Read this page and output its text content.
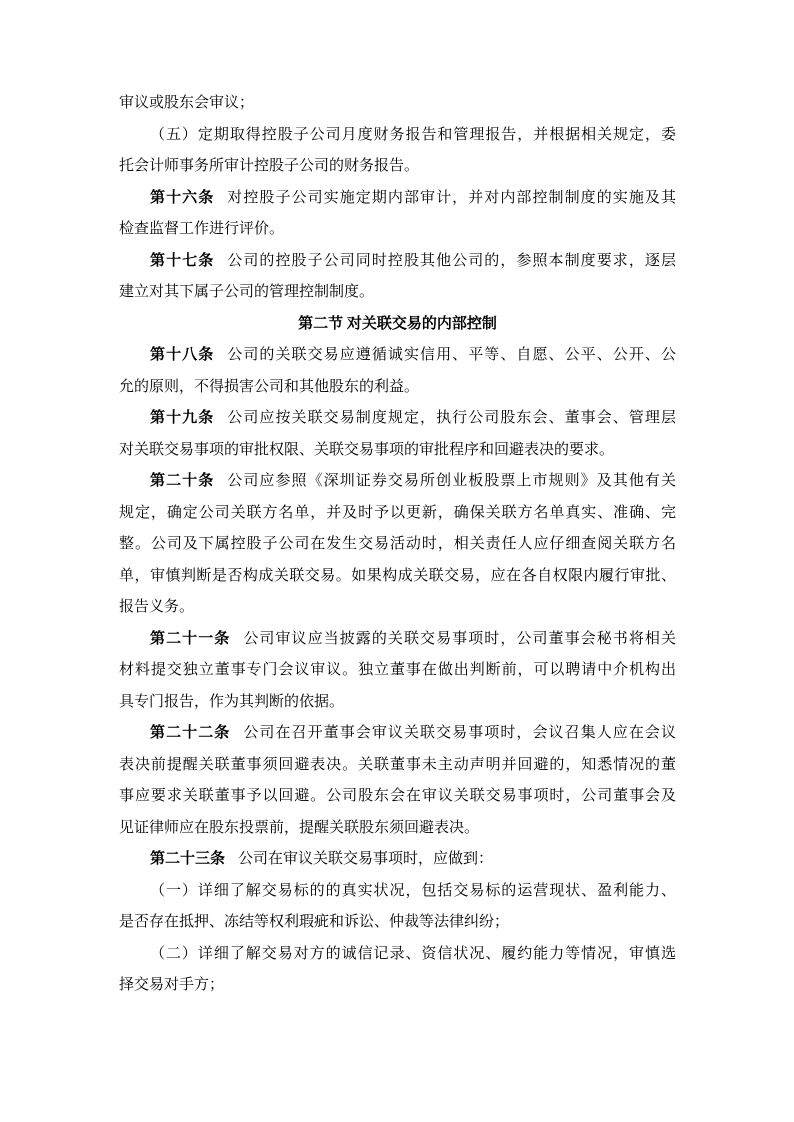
审议或股东会审议；
（五）定期取得控股子公司月度财务报告和管理报告，并根据相关规定，委
托会计师事务所审计控股子公司的财务报告。
第十六条 对控股子公司实施定期内部审计，并对内部控制制度的实施及其
检查监督工作进行评价。
第十七条 公司的控股子公司同时控股其他公司的，参照本制度要求，逐层
建立对其下属子公司的管理控制制度。
第二节 对关联交易的内部控制
第十八条 公司的关联交易应遵循诚实信用、平等、自愿、公平、公开、公
允的原则，不得损害公司和其他股东的利益。
第十九条 公司应按关联交易制度规定，执行公司股东会、董事会、管理层
对关联交易事项的审批权限、关联交易事项的审批程序和回避表决的要求。
第二十条 公司应参照《深圳证券交易所创业板股票上市规则》及其他有关
规定，确定公司关联方名单，并及时予以更新，确保关联方名单真实、准确、完
整。公司及下属控股子公司在发生交易活动时，相关责任人应仔细查阅关联方名
单，审慎判断是否构成关联交易。如果构成关联交易，应在各自权限内履行审批、
报告义务。
第二十一条 公司审议应当披露的关联交易事项时，公司董事会秘书将相关
材料提交独立董事专门会议审议。独立董事在做出判断前，可以聘请中介机构出
具专门报告，作为其判断的依据。
第二十二条 公司在召开董事会审议关联交易事项时，会议召集人应在会议
表决前提醒关联董事须回避表决。关联董事未主动声明并回避的，知悉情况的董
事应要求关联董事予以回避。公司股东会在审议关联交易事项时，公司董事会及
见证律师应在股东投票前，提醒关联股东须回避表决。
第二十三条 公司在审议关联交易事项时，应做到：
（一）详细了解交易标的的真实状况，包括交易标的运营现状、盈利能力、
是否存在抵押、冻结等权利瑕疵和诉讼、仲裁等法律纠纷；
（二）详细了解交易对方的诚信记录、资信状况、履约能力等情况，审慎选
择交易对手方；
